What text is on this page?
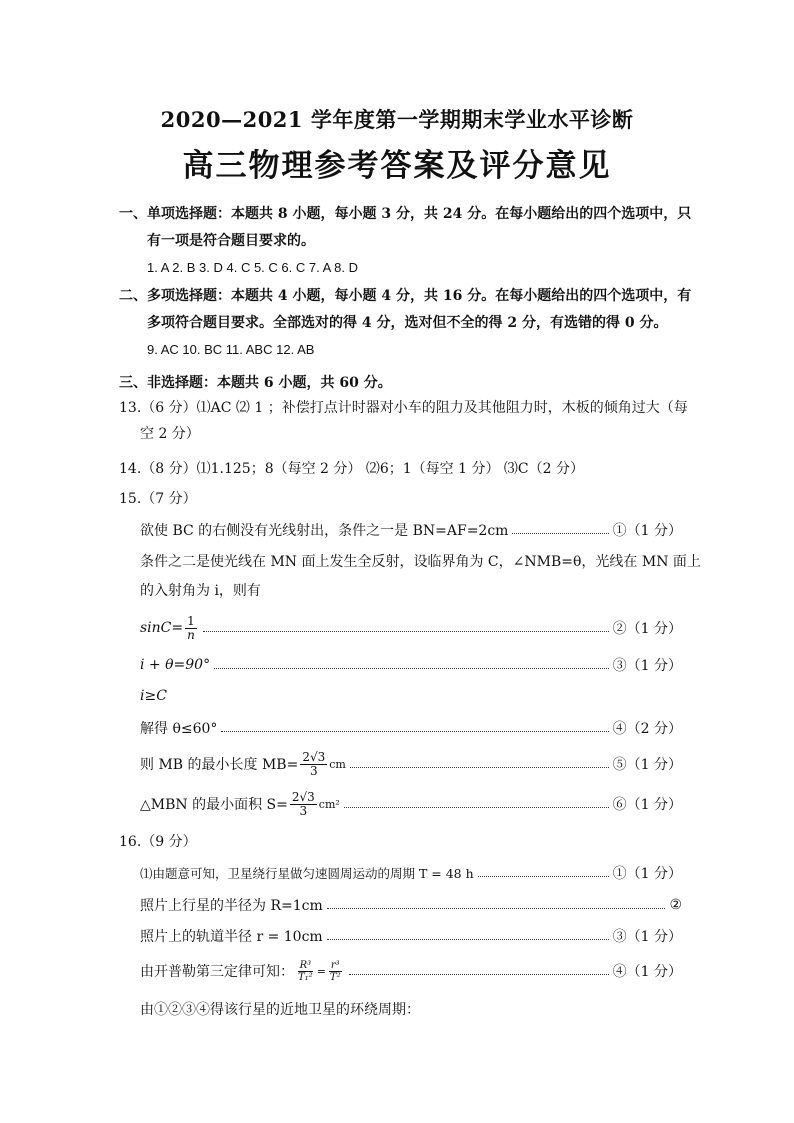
2020—2021 学年度第一学期期末学业水平诊断
高三物理参考答案及评分意见
一、单项选择题：本题共 8 小题，每小题 3 分，共 24 分。在每小题给出的四个选项中，只
有一项是符合题目要求的。
1. A 2. B 3. D 4. C 5. C 6. C 7. A 8. D
二、多项选择题：本题共 4 小题，每小题 4 分，共 16 分。在每小题给出的四个选项中，有
多项符合题目要求。全部选对的得 4 分，选对但不全的得 2 分，有选错的得 0 分。
9. AC 10. BC 11. ABC 12. AB
三、非选择题：本题共 6 小题，共 60 分。
13.（6 分）⑴AC ⑵ 1 ；补偿打点计时器对小车的阻力及其他阻力时，木板的倾角过大（每
空 2 分）
14.（8 分）⑴1.125；8（每空 2 分） ⑵6；1（每空 1 分） ⑶C（2 分）
15.（7 分）
欲使 BC 的右侧没有光线射出，条件之一是 BN=AF=2cm	①（1 分）
条件之二是使光线在 MN 面上发生全反射，设临界角为 C，∠NMB=θ，光线在 MN 面上
的入射角为 i，则有
$\sin C= \frac{1}{n}$	②（1 分）
i + θ=90°	③（1 分）
i≥C
解得 θ≤60°	④（2 分）
则 MB 的最小长度 $MB= \frac{2√3}{3}$ cm	⑤（1 分）
△MBN 的最小面积 $S= \frac{2√3}{3} cm^2$	⑥（1 分）
16.（9 分）
⑴由题意可知，卫星绕行星做匀速圆周运动的周期 T = 48 h	①（1 分）
照片上行星的半径为 R=1cm	②
照片上的轨道半径 r = 10cm	③（1 分）
由开普勒第三定律可知： $\frac{\text{R³}}{\text{T₁²}} = \frac{\text{r³}}{\text{T²}}$	④（1 分）
由①②③④得该行星的近地卫星的环绕周期：
